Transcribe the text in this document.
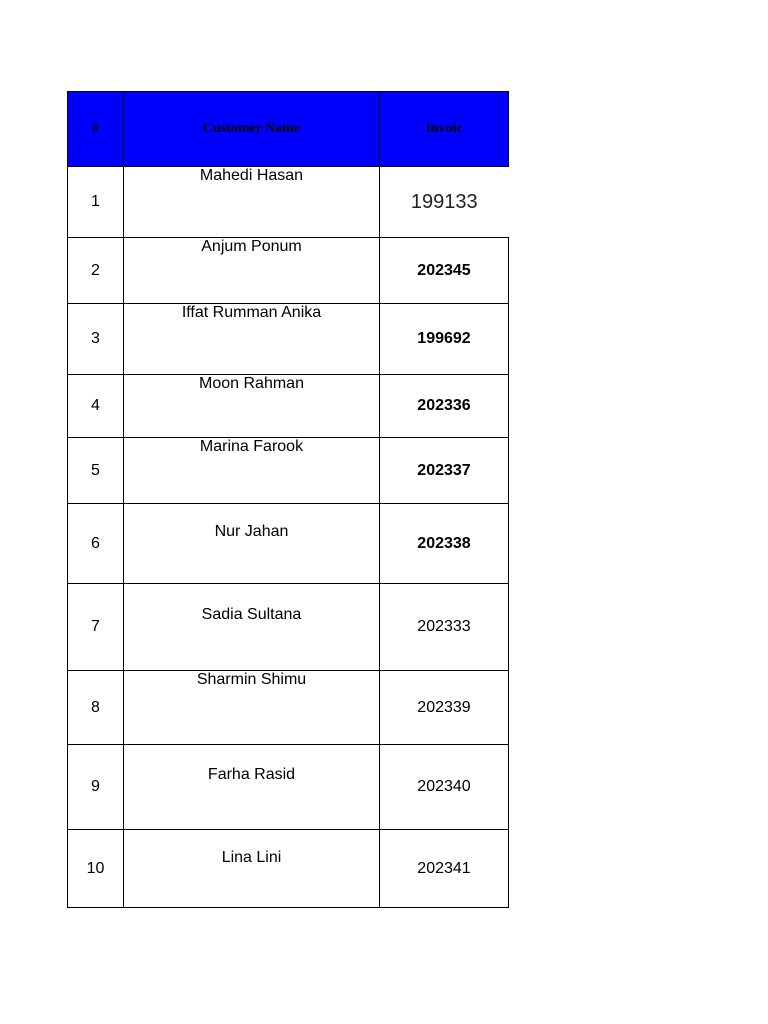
#	Customer Name	Invoic
1	Mahedi Hasan	199133
2	Anjum Ponum	202345
3	Iffat Rumman Anika	199692
4	Moon Rahman	202336
5	Marina Farook	202337
6	Nur Jahan	202338
7	Sadia Sultana	202333
8	Sharmin Shimu	202339
9	Farha Rasid	202340
10	Lina Lini	202341
